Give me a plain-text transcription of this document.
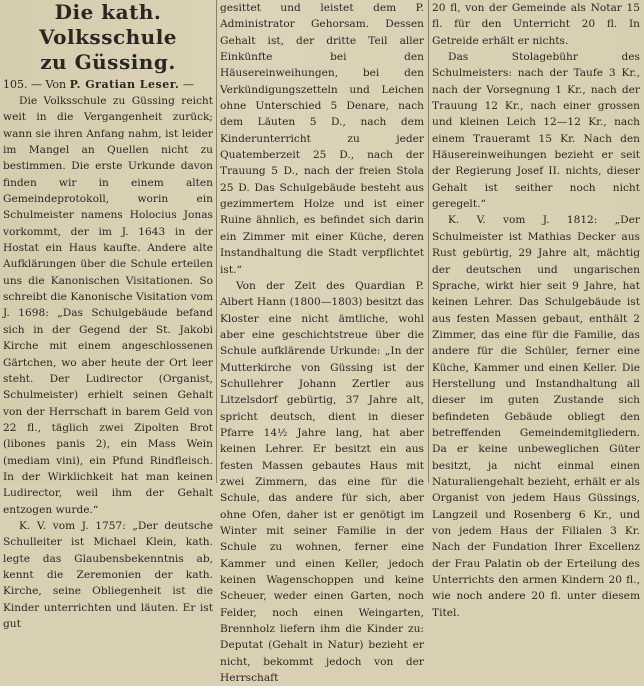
Die kath. Volksschule
zu Güssing.

105. — Von P. Gratian Leser. —

Die Volksschule zu Güssing reicht weit in die Vergangenheit zurück; wann sie ihren Anfang nahm, ist leider im Mangel an Quellen nicht zu bestimmen. Die erste Urkunde davon finden wir in einem alten Gemeindeprotokoll, worin ein Schulmeister namens Holocius Jonas vorkommt, der im J. 1643 in der Hostat ein Haus kaufte. Andere alte Aufklärungen über die Schule erteilen uns die Kanonischen Visitationen. So schreibt die Kanonische Visitation vom J. 1698: „Das Schulgebäude befand sich in der Gegend der St. Jakobi Kirche mit einem angeschlossenen Gärtchen, wo aber heute der Ort leer steht. Der Ludirector (Organist, Schulmeister) erhielt seinen Gehalt von der Herrschaft in barem Geld von 22 fl., täglich zwei Zipolten Brot (libones panis 2), ein Mass Wein (mediam vini), ein Pfund Rindfleisch. In der Wirklichkeit hat man keinen Ludirector, weil ihm der Gehalt entzogen wurde.“

K. V. vom J. 1757: „Der deutsche Schulleiter ist Michael Klein, kath. legte das Glaubensbekenntnis ab, kennt die Zeremonien der kath. Kirche, seine Obliegenheit ist die Kinder unterrichten und läuten. Er ist gut

gesittet und leistet dem P. Administrator Gehorsam. Dessen Gehalt ist, der dritte Teil aller Einkünfte bei den Häusereinweihungen, bei den Verkündigungszetteln und Leichen ohne Unterschied 5 Denare, nach dem Läuten 5 D., nach dem Kinderunterricht zu jeder Quatemberzeit 25 D., nach der Trauung 5 D., nach der freien Stola 25 D. Das Schulgebäude besteht aus gezimmertem Holze und ist einer Ruine ähnlich, es befindet sich darin ein Zimmer mit einer Küche, deren Instandhaltung die Stadt verpflichtet ist.“

Von der Zeit des Quardian P. Albert Hann (1800—1803) besitzt das Kloster eine nicht ämtliche, wohl aber eine geschichtstreue über die Schule aufklärende Urkunde: „In der Mutterkirche von Güssing ist der Schullehrer Johann Zertler aus Litzelsdorf gebürtig, 37 Jahre alt, spricht deutsch, dient in dieser Pfarre 14½ Jahre lang, hat aber keinen Lehrer. Er besitzt ein aus festen Massen gebautes Haus mit zwei Zimmern, das eine für die Schule, das andere für sich, aber ohne Ofen, daher ist er genötigt im Winter mit seiner Familie in der Schule zu wohnen, ferner eine Kammer und einen Keller, jedoch keinen Wagenschoppen und keine Scheuer, weder einen Garten, noch Felder, noch einen Weingarten, Brennholz liefern ihm die Kinder zu: Deputat (Gehalt in Natur) bezieht er nicht, bekommt jedoch von der Herrschaft

20 fl, von der Gemeinde als Notar 15 fl. für den Unterricht 20 fl. In Getreide erhält er nichts.

Das Stolagebühr des Schulmeisters: nach der Taufe 3 Kr., nach der Vorsegnung 1 Kr., nach der Trauung 12 Kr., nach einer grossen und kleinen Leich 12—12 Kr., nach einem Traueramt 15 Kr. Nach den Häusereinweihungen bezieht er seit der Regierung Josef II. nichts, dieser Gehalt ist seither noch nicht geregelt.“

K. V. vom J. 1812: „Der Schulmeister ist Mathias Decker aus Rust gebürtig, 29 Jahre alt, mächtig der deutschen und ungarischen Sprache, wirkt hier seit 9 Jahre, hat keinen Lehrer. Das Schulgebäude ist aus festen Massen gebaut, enthält 2 Zimmer, das eine für die Familie, das andere für die Schüler, ferner eine Küche, Kammer und einen Keller. Die Herstellung und Instandhaltung all dieser im guten Zustande sich befindeten Gebäude obliegt den betreffenden Gemeindemitgliedern. Da er keine unbeweglichen Güter besitzt, ja nicht einmal einen Naturaliengehalt bezieht, erhält er als Organist von jedem Haus Güssings, Langzeil und Rosenberg 6 Kr., und von jedem Haus der Filialen 3 Kr. Nach der Fundation Ihrer Excellenz der Frau Palatin ob der Erteilung des Unterrichts den armen Kindern 20 fl., wie noch andere 20 fl. unter diesem Titel.
